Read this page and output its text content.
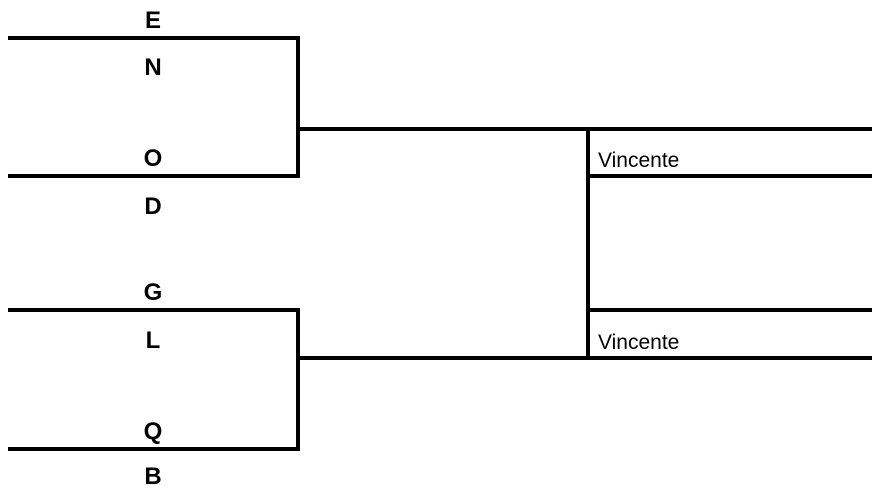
E
N
O
D
G
L
Q
B
Vincente
Vincente
